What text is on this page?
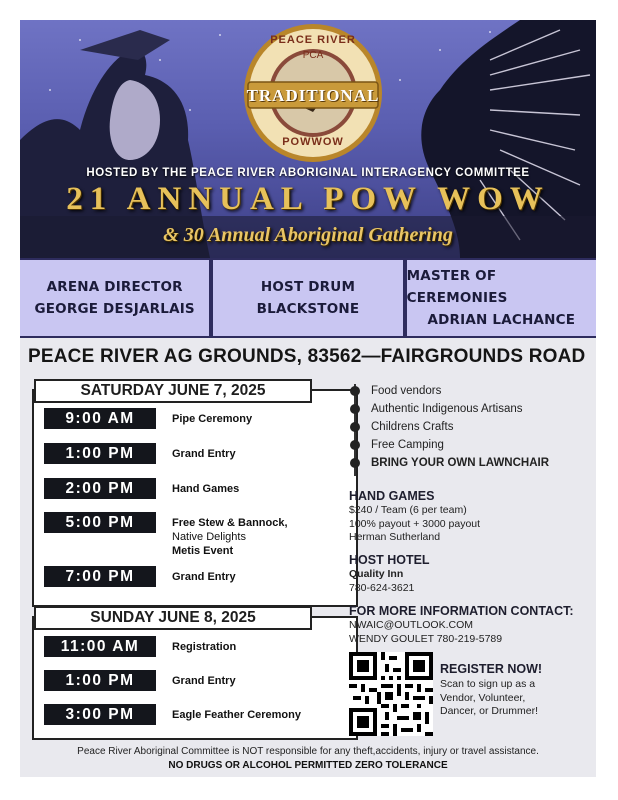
PEACE RIVER
PCA
TRADITIONAL
POWWOW
HOSTED BY THE PEACE RIVER ABORIGINAL INTERAGENCY COMMITTEE
21 ANNUAL POW WOW
& 30 Annual Aboriginal Gathering
ARENA DIRECTOR
GEORGE DESJARLAIS
HOST DRUM
BLACKSTONE
MASTER OF CEREMONIES
ADRIAN LACHANCE
PEACE RIVER AG GROUNDS, 83562—FAIRGROUNDS ROAD
SATURDAY JUNE 7, 2025
9:00 AM	Pipe Ceremony
1:00 PM	Grand Entry
2:00 PM	Hand Games
5:00 PM	Free Stew & Bannock,
Native Delights
Metis Event
7:00 PM	Grand Entry
SUNDAY JUNE 8, 2025
11:00 AM	Registration
1:00 PM	Grand Entry
3:00 PM	Eagle Feather Ceremony
Food vendors
Authentic Indigenous Artisans
Childrens Crafts
Free Camping
BRING YOUR OWN LAWNCHAIR
HAND GAMES
$240 / Team (6 per team)
100% payout + 3000 payout
Herman Sutherland
HOST HOTEL
Quality Inn
780-624-3621
FOR MORE INFORMATION CONTACT:
NWAIC@OUTLOOK.COM
WENDY GOULET 780-219-5789
REGISTER NOW!
Scan to sign up as a
Vendor, Volunteer,
Dancer, or Drummer!
Peace River Aboriginal Committee is NOT responsible for any theft,accidents, injury or travel assistance.
NO DRUGS OR ALCOHOL PERMITTED ZERO TOLERANCE
